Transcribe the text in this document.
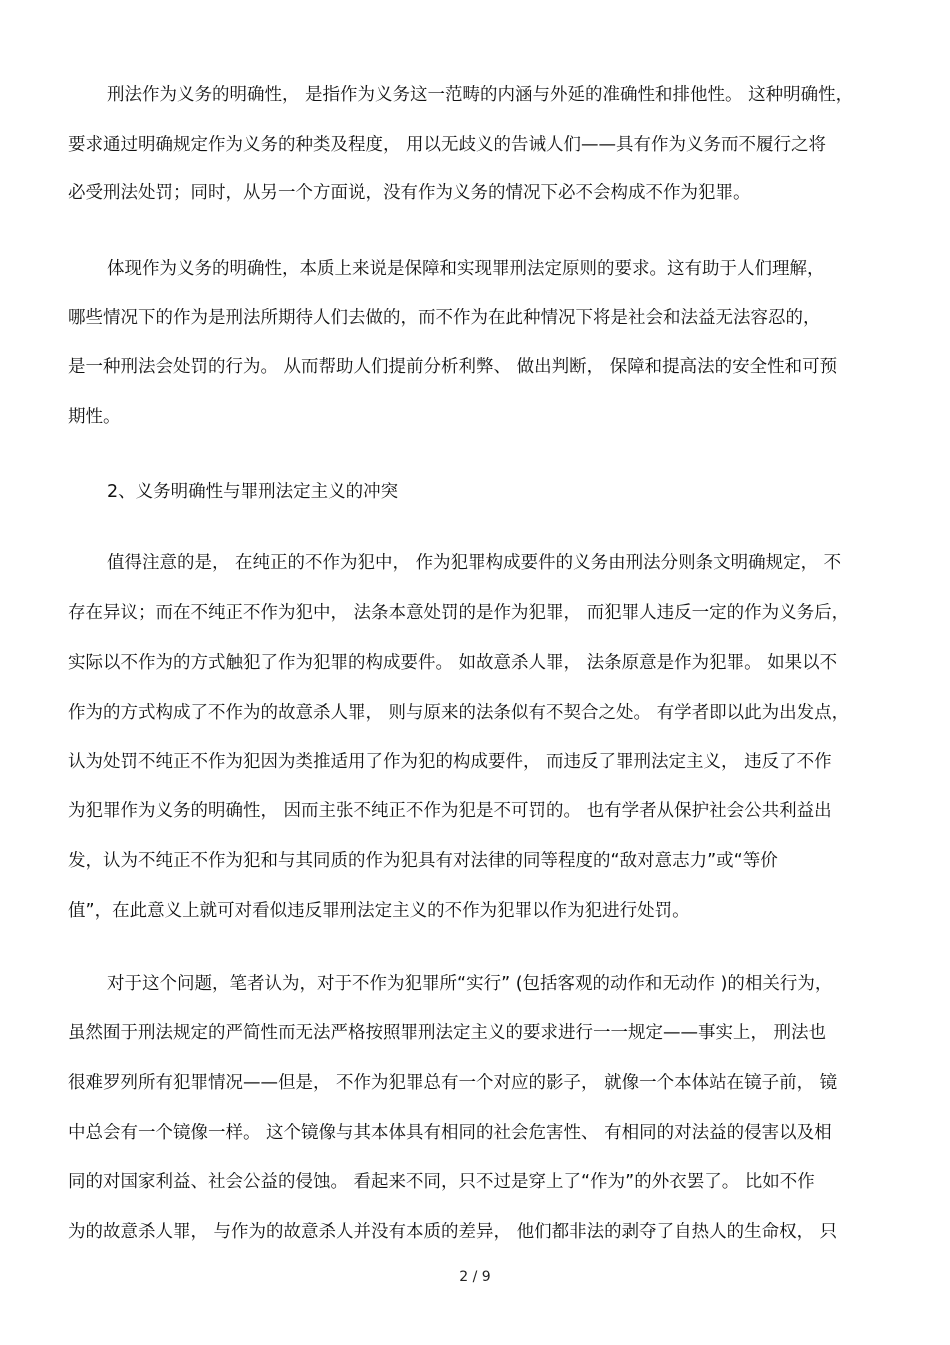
刑法作为义务的明确性， 是指作为义务这一范畴的内涵与外延的准确性和排他性。 这种明确性，

要求通过明确规定作为义务的种类及程度， 用以无歧义的告诫人们——具有作为义务而不履行之将

必受刑法处罚；同时，从另一个方面说，没有作为义务的情况下必不会构成不作为犯罪。

体现作为义务的明确性，本质上来说是保障和实现罪刑法定原则的要求。这有助于人们理解，

哪些情况下的作为是刑法所期待人们去做的，而不作为在此种情况下将是社会和法益无法容忍的，

是一种刑法会处罚的行为。 从而帮助人们提前分析利弊、 做出判断， 保障和提高法的安全性和可预

期性。

2、义务明确性与罪刑法定主义的冲突

值得注意的是， 在纯正的不作为犯中， 作为犯罪构成要件的义务由刑法分则条文明确规定， 不

存在异议；而在不纯正不作为犯中， 法条本意处罚的是作为犯罪， 而犯罪人违反一定的作为义务后，

实际以不作为的方式触犯了作为犯罪的构成要件。 如故意杀人罪， 法条原意是作为犯罪。 如果以不

作为的方式构成了不作为的故意杀人罪， 则与原来的法条似有不契合之处。 有学者即以此为出发点，

认为处罚不纯正不作为犯因为类推适用了作为犯的构成要件， 而违反了罪刑法定主义， 违反了不作

为犯罪作为义务的明确性， 因而主张不纯正不作为犯是不可罚的。 也有学者从保护社会公共利益出

发，认为不纯正不作为犯和与其同质的作为犯具有对法律的同等程度的“敌对意志力”或“等价

值”，在此意义上就可对看似违反罪刑法定主义的不作为犯罪以作为犯进行处罚。

对于这个问题，笔者认为，对于不作为犯罪所“实行” (包括客观的动作和无动作 )的相关行为，

虽然囿于刑法规定的严简性而无法严格按照罪刑法定主义的要求进行一一规定——事实上， 刑法也

很难罗列所有犯罪情况——但是， 不作为犯罪总有一个对应的影子， 就像一个本体站在镜子前， 镜

中总会有一个镜像一样。 这个镜像与其本体具有相同的社会危害性、 有相同的对法益的侵害以及相

同的对国家利益、社会公益的侵蚀。 看起来不同，只不过是穿上了“作为”的外衣罢了。 比如不作

为的故意杀人罪， 与作为的故意杀人并没有本质的差异， 他们都非法的剥夺了自热人的生命权， 只

2 / 9
